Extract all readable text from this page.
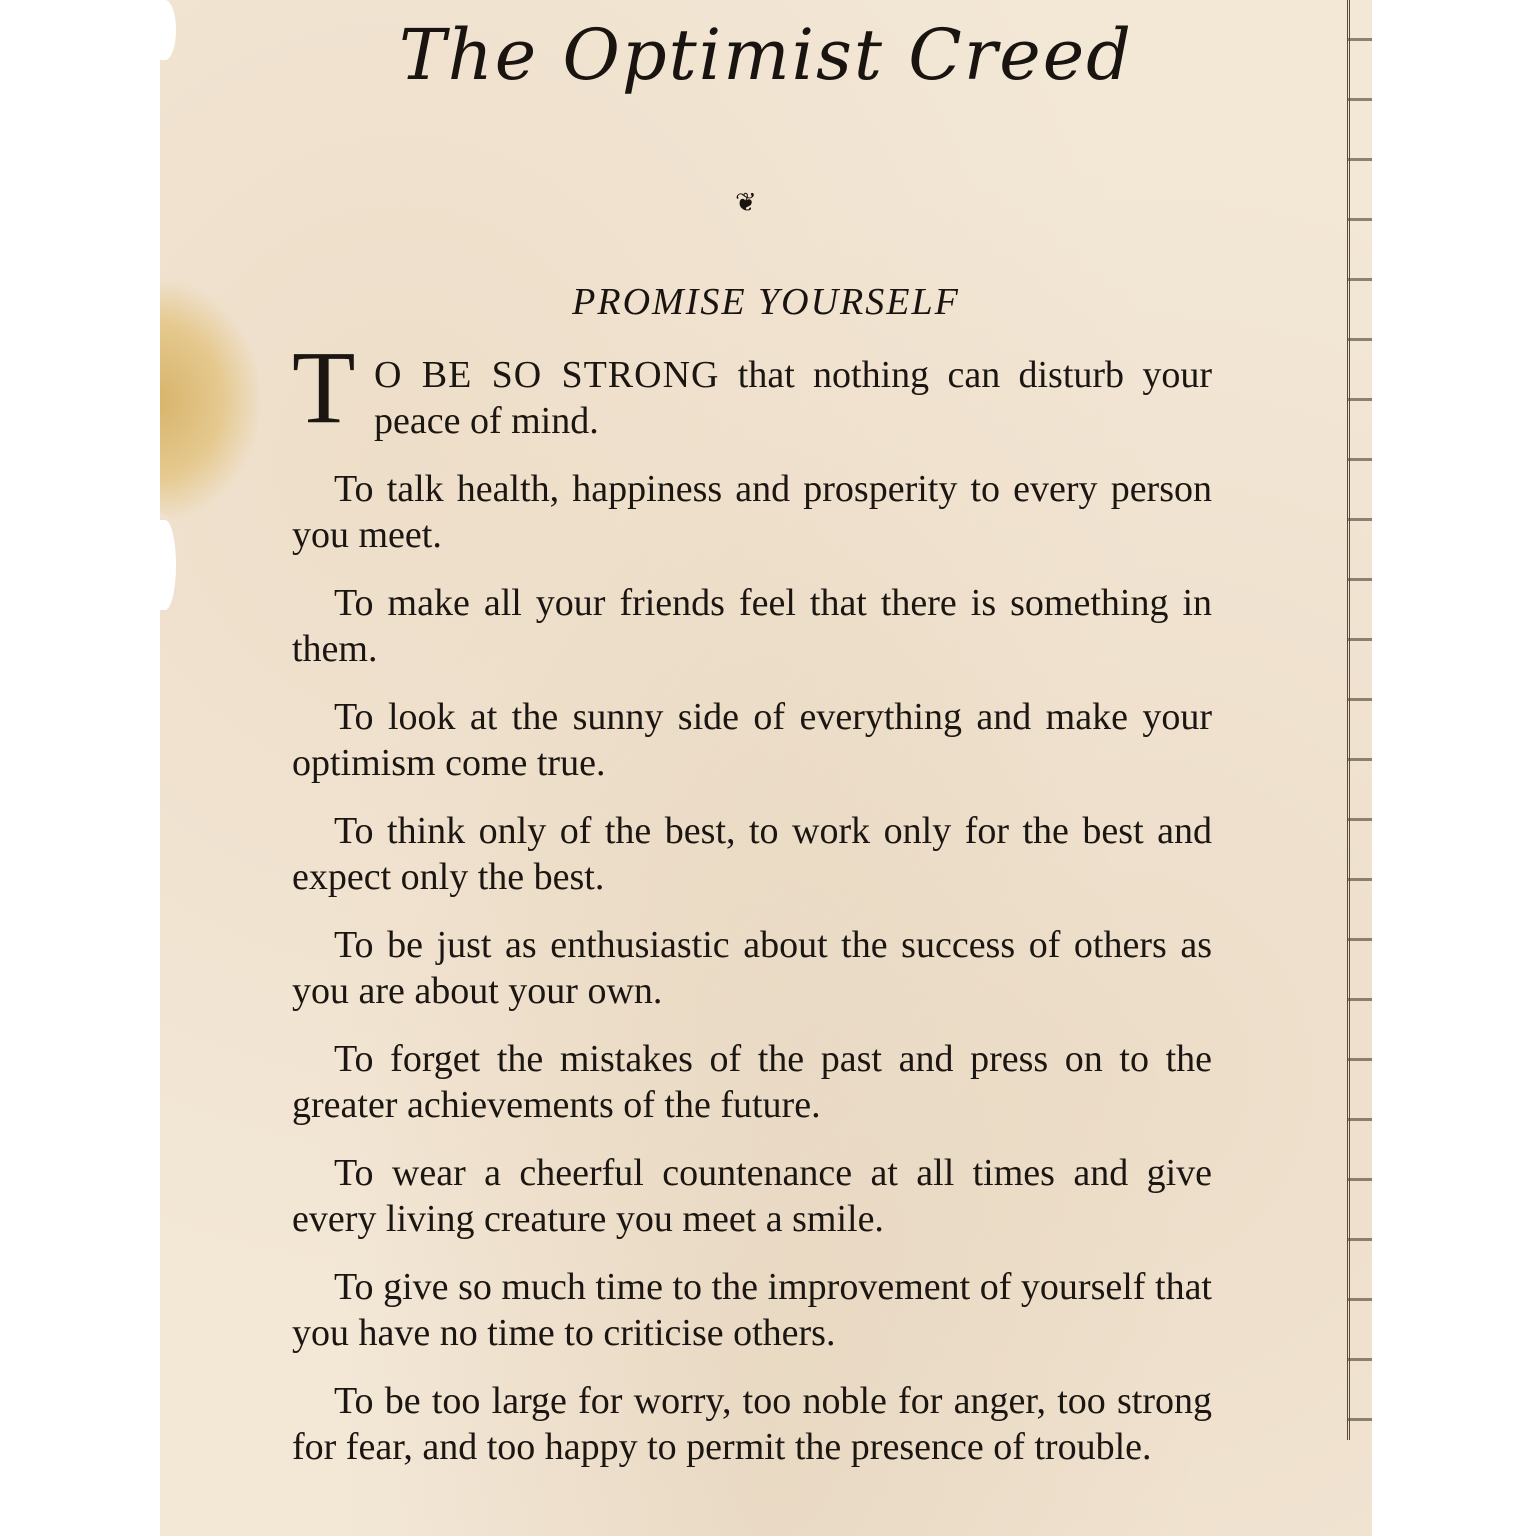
The Optimist Creed
❦
PROMISE YOURSELF

T O BE SO STRONG that nothing can disturb your peace of mind.

To talk health, happiness and prosperity to every person you meet.

To make all your friends feel that there is something in them.

To look at the sunny side of everything and make your optimism come true.

To think only of the best, to work only for the best and expect only the best.

To be just as enthusiastic about the success of others as you are about your own.

To forget the mistakes of the past and press on to the greater achievements of the future.

To wear a cheerful countenance at all times and give every living creature you meet a smile.

To give so much time to the improvement of yourself that you have no time to criticise others.

To be too large for worry, too noble for anger, too strong for fear, and too happy to permit the presence of trouble.
